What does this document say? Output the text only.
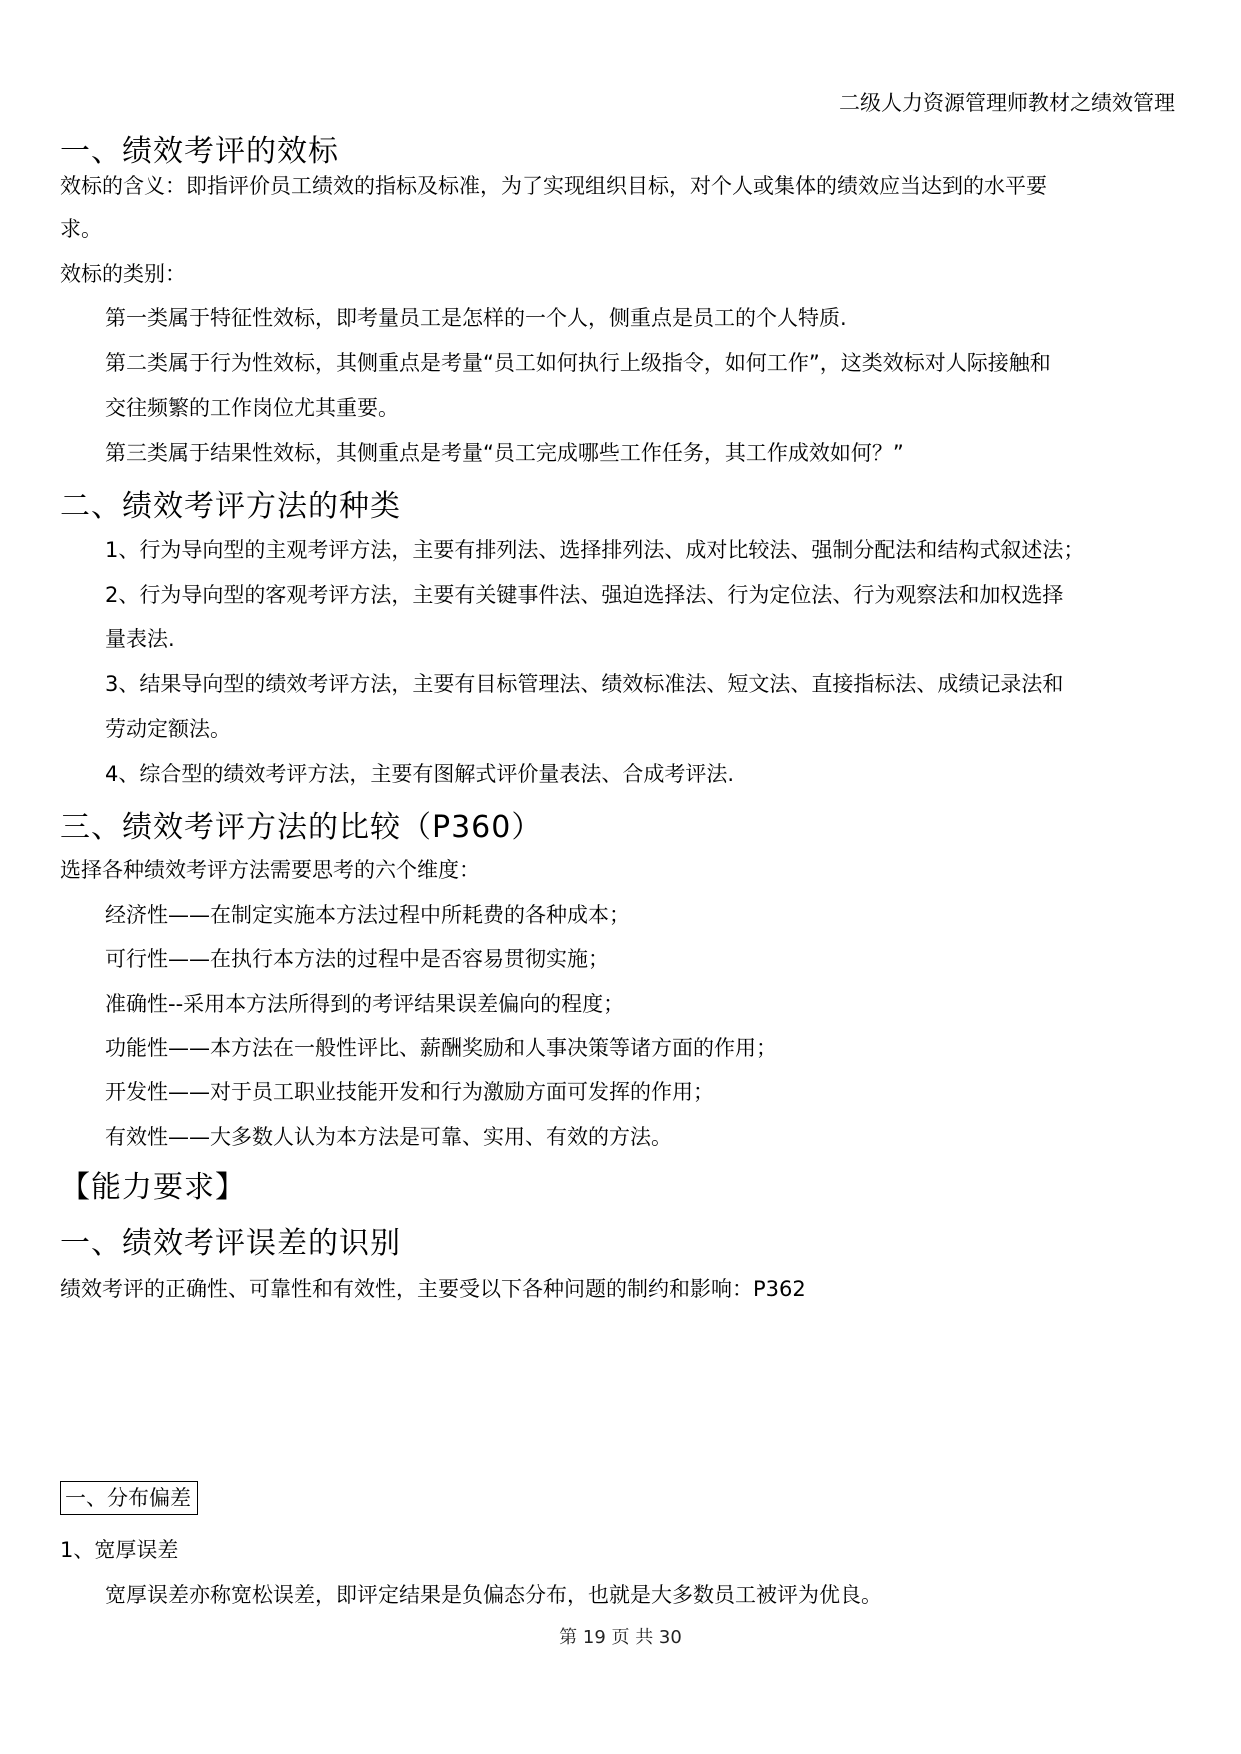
二级人力资源管理师教材之绩效管理
一、绩效考评的效标
效标的含义：即指评价员工绩效的指标及标准，为了实现组织目标，对个人或集体的绩效应当达到的水平要
求。
效标的类别：
第一类属于特征性效标，即考量员工是怎样的一个人，侧重点是员工的个人特质.
第二类属于行为性效标，其侧重点是考量“员工如何执行上级指令，如何工作”，这类效标对人际接触和
交往频繁的工作岗位尤其重要。
第三类属于结果性效标，其侧重点是考量“员工完成哪些工作任务，其工作成效如何？”
二、绩效考评方法的种类
1、行为导向型的主观考评方法，主要有排列法、选择排列法、成对比较法、强制分配法和结构式叙述法；
2、行为导向型的客观考评方法，主要有关键事件法、强迫选择法、行为定位法、行为观察法和加权选择
量表法.
3、结果导向型的绩效考评方法，主要有目标管理法、绩效标准法、短文法、直接指标法、成绩记录法和
劳动定额法。
4、综合型的绩效考评方法，主要有图解式评价量表法、合成考评法.
三、绩效考评方法的比较（P360）
选择各种绩效考评方法需要思考的六个维度：
经济性——在制定实施本方法过程中所耗费的各种成本；
可行性——在执行本方法的过程中是否容易贯彻实施；
准确性--采用本方法所得到的考评结果误差偏向的程度；
功能性——本方法在一般性评比、薪酬奖励和人事决策等诸方面的作用；
开发性——对于员工职业技能开发和行为激励方面可发挥的作用；
有效性——大多数人认为本方法是可靠、实用、有效的方法。
【能力要求】
一、绩效考评误差的识别
绩效考评的正确性、可靠性和有效性，主要受以下各种问题的制约和影响：P362
一、分布偏差
1、宽厚误差
宽厚误差亦称宽松误差，即评定结果是负偏态分布，也就是大多数员工被评为优良。
第 19 页 共 30
